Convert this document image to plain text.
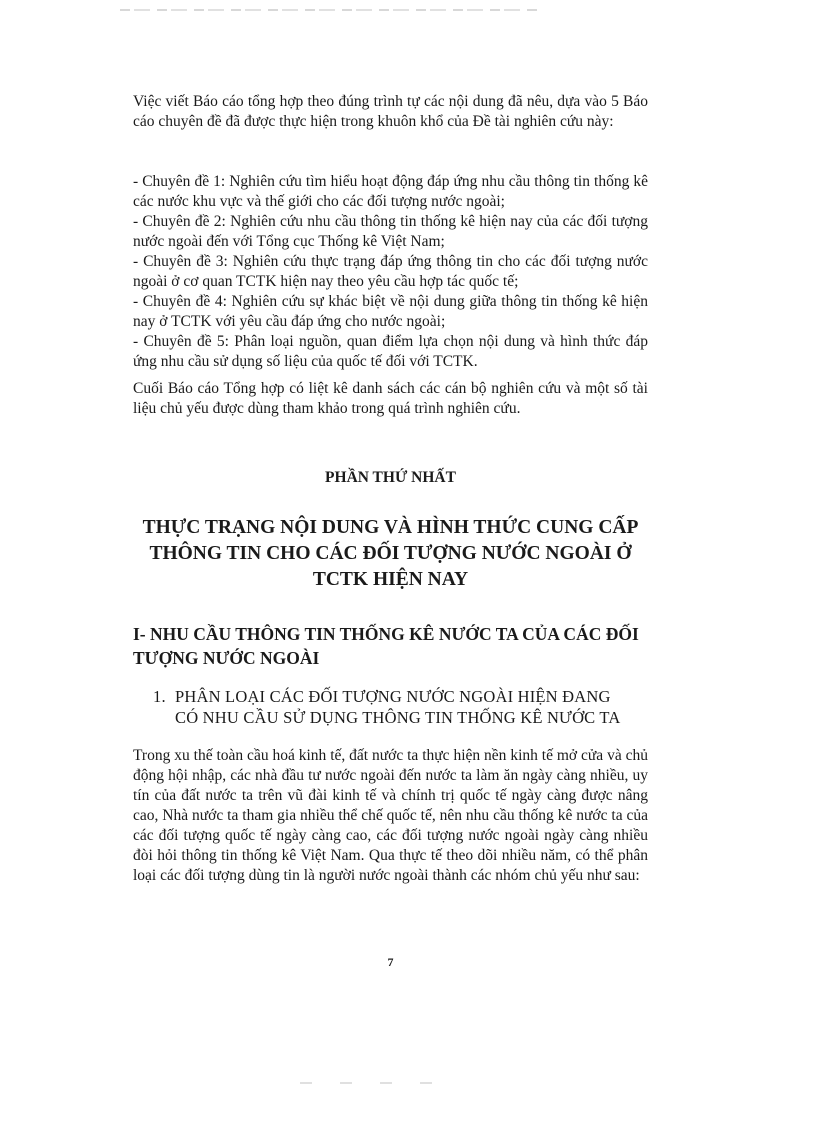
Việc viết Báo cáo tổng hợp theo đúng trình tự các nội dung đã nêu, dựa vào 5 Báo cáo chuyên đề đã được thực hiện trong khuôn khổ của Đề tài nghiên cứu này:

- Chuyên đề 1: Nghiên cứu tìm hiểu hoạt động đáp ứng nhu cầu thông tin thống kê các nước khu vực và thế giới cho các đối tượng nước ngoài;

- Chuyên đề 2: Nghiên cứu nhu cầu thông tin thống kê hiện nay của các đối tượng nước ngoài đến với Tổng cục Thống kê Việt Nam;

- Chuyên đề 3: Nghiên cứu thực trạng đáp ứng thông tin cho các đối tượng nước ngoài ở cơ quan TCTK hiện nay theo yêu cầu hợp tác quốc tế;

- Chuyên đề 4: Nghiên cứu sự khác biệt về nội dung giữa thông tin thống kê hiện nay ở TCTK với yêu cầu đáp ứng cho nước ngoài;

- Chuyên đề 5: Phân loại nguồn, quan điểm lựa chọn nội dung và hình thức đáp ứng nhu cầu sử dụng số liệu của quốc tế đối với TCTK.

Cuối Báo cáo Tổng hợp có liệt kê danh sách các cán bộ nghiên cứu và một số tài liệu chủ yếu được dùng tham khảo trong quá trình nghiên cứu.

PHẦN THỨ NHẤT
THỰC TRẠNG NỘI DUNG VÀ HÌNH THỨC CUNG CẤP
THÔNG TIN CHO CÁC ĐỐI TƯỢNG NƯỚC NGOÀI Ở
TCTK HIỆN NAY
I- NHU CẦU THÔNG TIN THỐNG KÊ NƯỚC TA CỦA CÁC ĐỐI
TƯỢNG NƯỚC NGOÀI
1. PHÂN LOẠI CÁC ĐỐI TƯỢNG NƯỚC NGOÀI HIỆN ĐANG
CÓ NHU CẦU SỬ DỤNG THÔNG TIN THỐNG KÊ NƯỚC TA

Trong xu thế toàn cầu hoá kinh tế, đất nước ta thực hiện nền kinh tế mở cửa và chủ động hội nhập, các nhà đầu tư nước ngoài đến nước ta làm ăn ngày càng nhiều, uy tín của đất nước ta trên vũ đài kinh tế và chính trị quốc tế ngày càng được nâng cao, Nhà nước ta tham gia nhiều thể chế quốc tế, nên nhu cầu thống kê nước ta của các đối tượng quốc tế ngày càng cao, các đối tượng nước ngoài ngày càng nhiều đòi hỏi thông tin thống kê Việt Nam. Qua thực tế theo dõi nhiều năm, có thể phân loại các đối tượng dùng tin là người nước ngoài thành các nhóm chủ yếu như sau:

7
